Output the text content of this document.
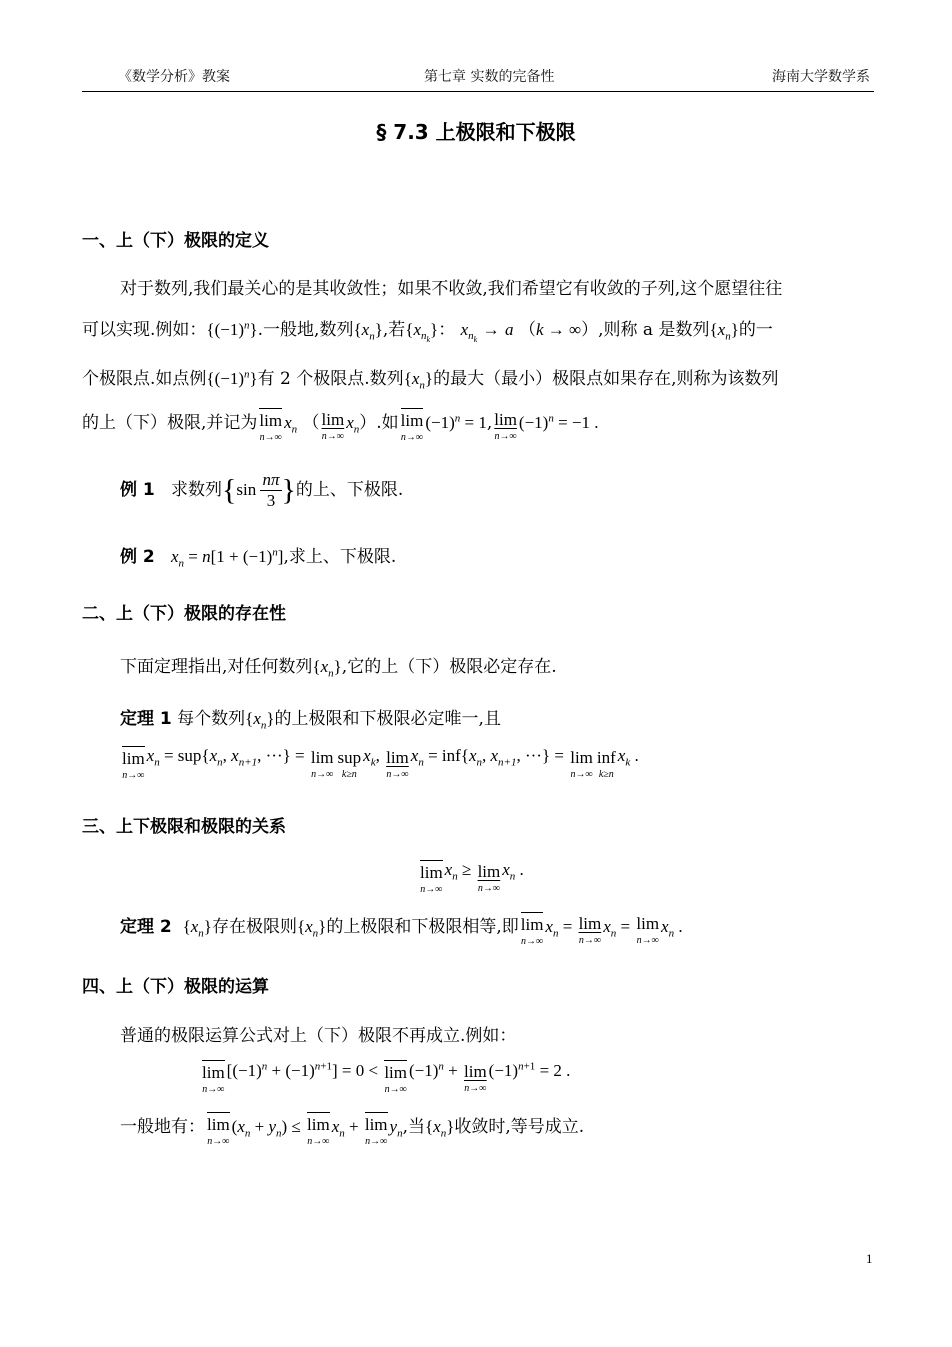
《数学分析》教案	第七章 实数的完备性	海南大学数学系
§ 7.3 上极限和下极限
一、上（下）极限的定义
对于数列,我们最关心的是其收敛性；如果不收敛,我们希望它有收敛的子列,这个愿望往往
可以实现.例如：$\{(-1)^n\}$.一般地,数列$\{x_n\}$,若$\{x_{n_k}\}$： $x_{n_k} \to a$ （k → ∞）,则称 a 是数列$\{x_n\}$的一
个极限点.如点例$\{(-1)^n\}$有 2 个极限点.数列$\{x_n\}$的最大（最小）极限点如果存在,则称为该数列
的上（下）极限,并记为 lim
n→∞
$x_n$ （ lim
n→∞
$x_n$）.如 lim
n→∞
$(-1)^n = 1$, lim
n→∞
$(-1)^n = -1$ .
例 1 求数列{$\sin \frac{n\pi}{3}$ }的上、下极限.
例 2 $x_n = n[1 + (-1)^n]$,求上、下极限.
二、上（下）极限的存在性
下面定理指出,对任何数列$\{x_n\}$,它的上（下）极限必定存在.
定理 1 每个数列$\{x_n\}$的上极限和下极限必定唯一,且
lim
n→∞
$x_n = sup\{x_n$, $x_{n+1}$, ···} = lim
n→∞
sup
k≥n
$x_k$, lim
n→∞
$x_n = inf\{x_n$, $x_{n+1}$, ···} = lim
n→∞
inf
k≥n
$x_k$ .
三、上下极限和极限的关系
lim
n→∞
$x_n \ge \lim$
n→∞
$x_n$ .
定理 2 $\{x_n\}$存在极限则$\{x_n\}$的上极限和下极限相等,即 lim
n→∞
$x_n = \lim$
n→∞
$x_n = \lim$
n→∞
$x_n$ .
四、上（下）极限的运算
普通的极限运算公式对上（下）极限不再成立.例如：
lim
n→∞
$[(-1)^n + (-1)^{n+1}] = 0 < \lim$
n→∞
$(-1)^n + \lim$
n→∞
$(-1)^{n+1} = 2$ .
一般地有： lim
n→∞
$(x_n + y_n) \le \lim$
n→∞
$x_n + \lim$
n→∞
$y_n$,当$\{x_n\}$收敛时,等号成立.
1
